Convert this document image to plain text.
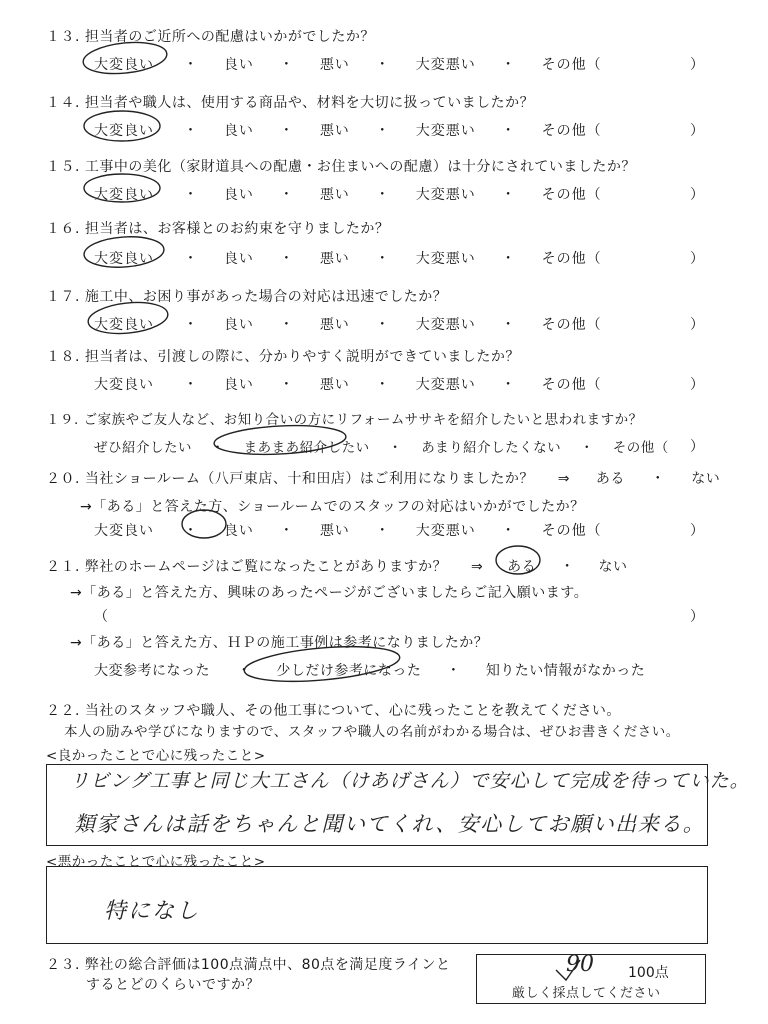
１３. 担当者のご近所への配慮はいかがでしたか？
大変良い ・ 良い ・ 悪い ・ 大変悪い ・ その他（	）
１４. 担当者や職人は、使用する商品や、材料を大切に扱っていましたか？
大変良い ・ 良い ・ 悪い ・ 大変悪い ・ その他（	）
１５. 工事中の美化（家財道具への配慮・お住まいへの配慮）は十分にされていましたか？
大変良い ・ 良い ・ 悪い ・ 大変悪い ・ その他（	）
１６. 担当者は、お客様とのお約束を守りましたか？
大変良い ・ 良い ・ 悪い ・ 大変悪い ・ その他（	）
１７. 施工中、お困り事があった場合の対応は迅速でしたか？
大変良い ・ 良い ・ 悪い ・ 大変悪い ・ その他（	）
１８. 担当者は、引渡しの際に、分かりやすく説明ができていましたか？
大変良い ・ 良い ・ 悪い ・ 大変悪い ・ その他（	）
１９. ご家族やご友人など、お知り合いの方にリフォームササキを紹介したいと思われますか？
ぜひ紹介したい ・ まあまあ紹介したい ・ あまり紹介したくない ・ その他（ ）
２０. 当社ショールーム（八戸東店、十和田店）はご利用になりましたか？ ⇒ ある ・ ない
→「ある」と答えた方、ショールームでのスタッフの対応はいかがでしたか？
大変良い ・ 良い ・ 悪い ・ 大変悪い ・ その他（	）
２１. 弊社のホームページはご覧になったことがありますか？ ⇒ ある ・ ない
→「ある」と答えた方、興味のあったページがございましたらご記入願います。
（	）
→「ある」と答えた方、ＨＰの施工事例は参考になりましたか？
大変参考になった ・ 少しだけ参考になった ・ 知りたい情報がなかった
２２. 当社のスタッフや職人、その他工事について、心に残ったことを教えてください。
本人の励みや学びになりますので、スタッフや職人の名前がわかる場合は、ぜひお書きください。
<良かったことで心に残ったこと>
リビング工事と同じ大工さん（けあげさん）で安心して完成を待っていた。
類家さんは話をちゃんと聞いてくれ、安心してお願い出来る。
<悪かったことで心に残ったこと>
特になし
２３. 弊社の総合評価は100点満点中、80点を満足度ラインと
するとどのくらいですか？
90 100点
厳しく採点してください
